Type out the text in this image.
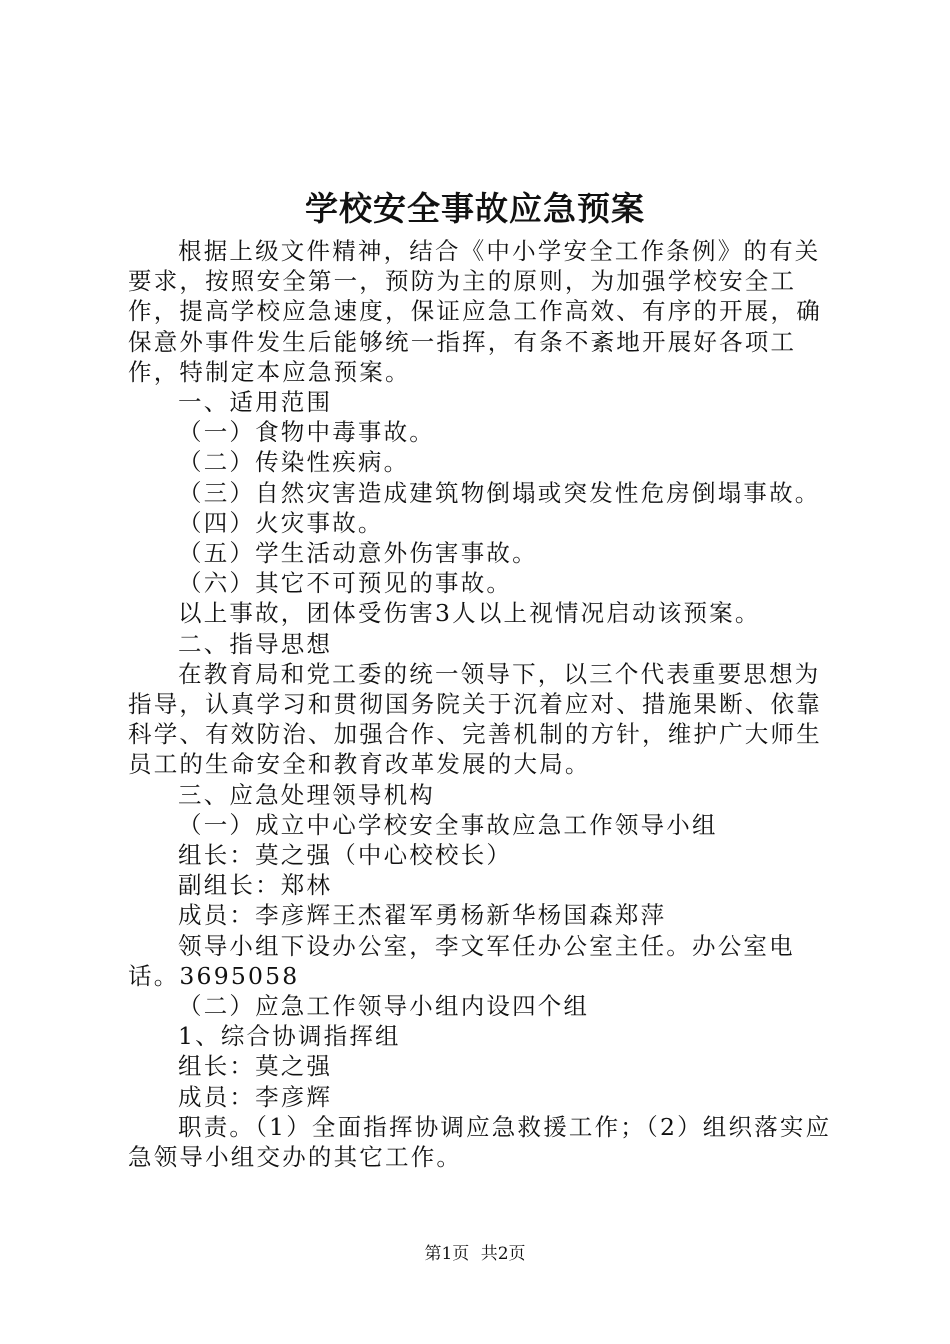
学校安全事故应急预案

根据上级文件精神，结合《中小学安全工作条例》的有关要求，按照安全第一，预防为主的原则，为加强学校安全工作，提高学校应急速度，保证应急工作高效、有序的开展，确保意外事件发生后能够统一指挥，有条不紊地开展好各项工作，特制定本应急预案。

一、适用范围

（一）食物中毒事故。

（二）传染性疾病。

（三）自然灾害造成建筑物倒塌或突发性危房倒塌事故。

（四）火灾事故。

（五）学生活动意外伤害事故。

（六）其它不可预见的事故。

以上事故，团体受伤害3人以上视情况启动该预案。

二、指导思想

在教育局和党工委的统一领导下，以三个代表重要思想为指导，认真学习和贯彻国务院关于沉着应对、措施果断、依靠科学、有效防治、加强合作、完善机制的方针，维护广大师生员工的生命安全和教育改革发展的大局。

三、应急处理领导机构

（一）成立中心学校安全事故应急工作领导小组

组长：莫之强（中心校校长）

副组长：郑林

成员：李彦辉王杰翟军勇杨新华杨国森郑萍

领导小组下设办公室，李文军任办公室主任。办公室电话。3695058

（二）应急工作领导小组内设四个组

1、综合协调指挥组

组长：莫之强

成员：李彦辉

职责。（1）全面指挥协调应急救援工作；（2）组织落实应急领导小组交办的其它工作。

第1页 共2页
